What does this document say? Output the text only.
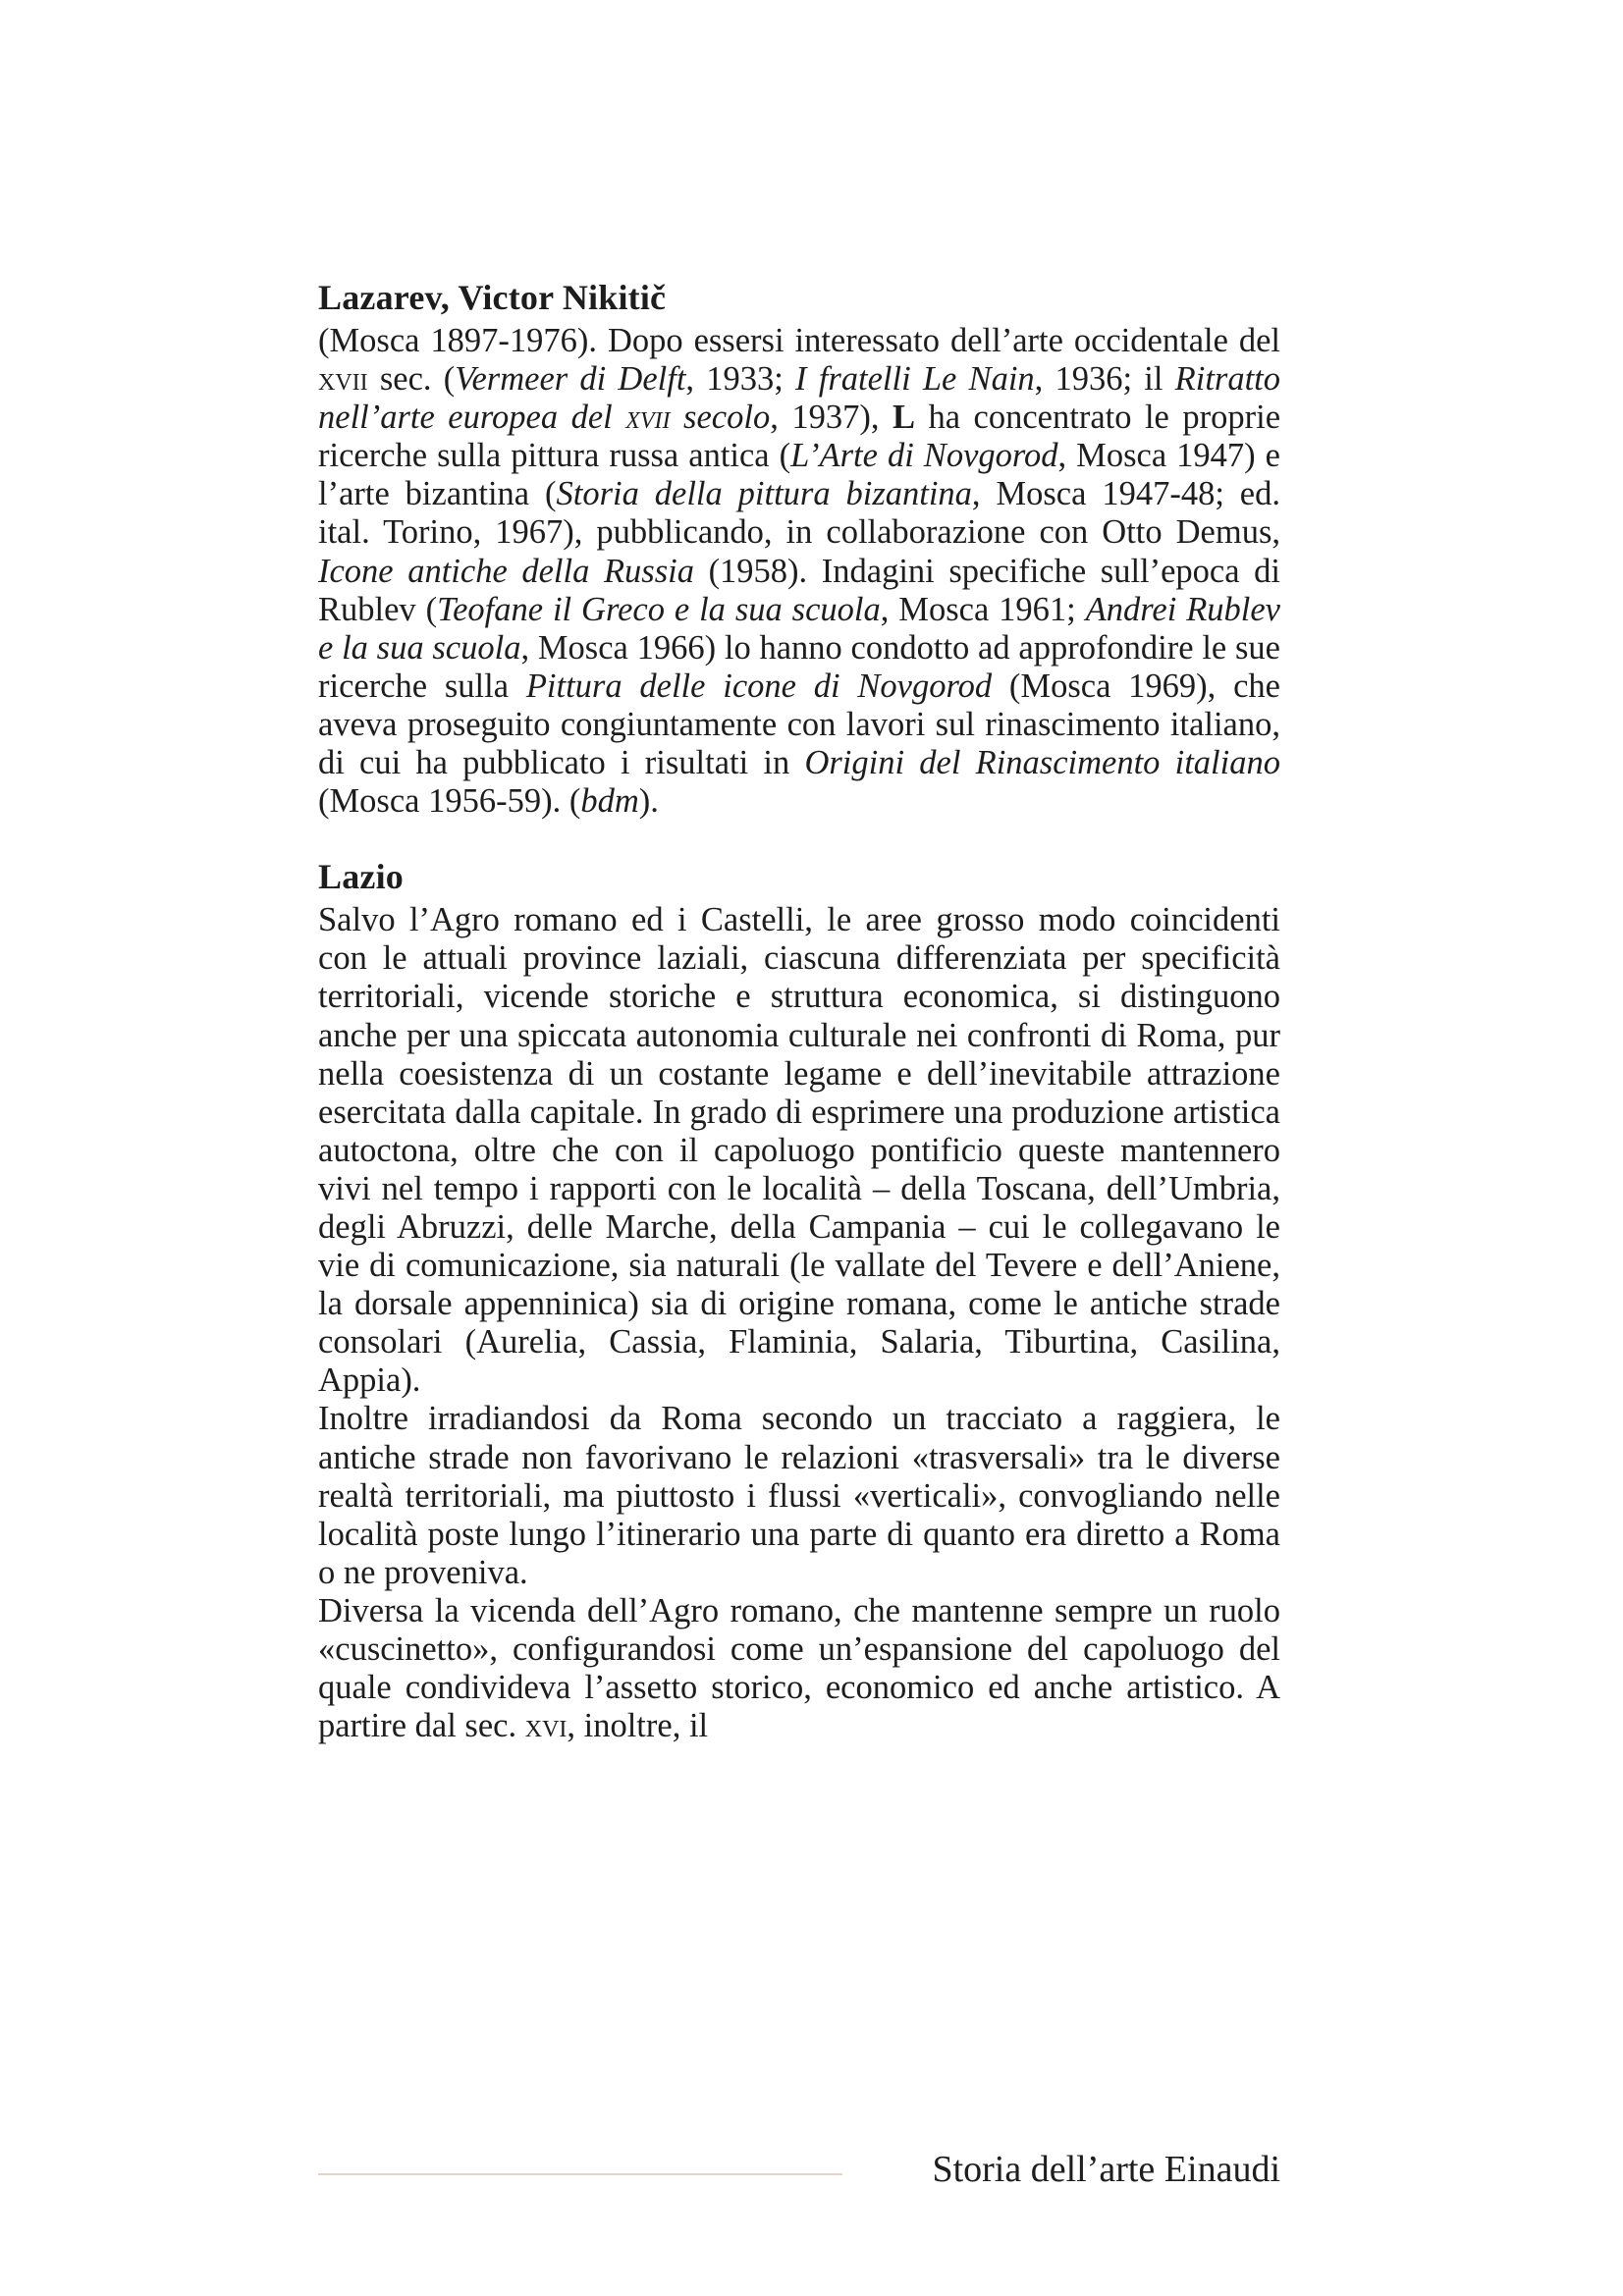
Lazarev, Victor Nikitič

(Mosca 1897-1976). Dopo essersi interessato dell’arte occidentale del xvii sec. (Vermeer di Delft, 1933; I fratelli Le Nain, 1936; il Ritratto nell’arte europea del xvii secolo, 1937), L ha concentrato le proprie ricerche sulla pittura russa antica (L’Arte di Novgorod, Mosca 1947) e l’arte bizantina (Storia della pittura bizantina, Mosca 1947-48; ed. ital. Torino, 1967), pubblicando, in collaborazione con Otto Demus, Icone antiche della Russia (1958). Indagini specifiche sull’epoca di Rublev (Teofane il Greco e la sua scuola, Mosca 1961; Andrei Rublev e la sua scuola, Mosca 1966) lo hanno condotto ad approfondire le sue ricerche sulla Pittura delle icone di Novgorod (Mosca 1969), che aveva proseguito congiuntamente con lavori sul rinascimento italiano, di cui ha pubblicato i risultati in Origini del Rinascimento italiano (Mosca 1956-59). (bdm).

Lazio

Salvo l’Agro romano ed i Castelli, le aree grosso modo coincidenti con le attuali province laziali, ciascuna differenziata per specificità territoriali, vicende storiche e struttura economica, si distinguono anche per una spiccata autonomia culturale nei confronti di Roma, pur nella coesistenza di un costante legame e dell’inevitabile attrazione esercitata dalla capitale. In grado di esprimere una produzione artistica autoctona, oltre che con il capoluogo pontificio queste mantennero vivi nel tempo i rapporti con le località – della Toscana, dell’Umbria, degli Abruzzi, delle Marche, della Campania – cui le collegavano le vie di comunicazione, sia naturali (le vallate del Tevere e dell’Aniene, la dorsale appenninica) sia di origine romana, come le antiche strade consolari (Aurelia, Cassia, Flaminia, Salaria, Tiburtina, Casilina, Appia).

Inoltre irradiandosi da Roma secondo un tracciato a raggiera, le antiche strade non favorivano le relazioni «trasversali» tra le diverse realtà territoriali, ma piuttosto i flussi «verticali», convogliando nelle località poste lungo l’itinerario una parte di quanto era diretto a Roma o ne proveniva.

Diversa la vicenda dell’Agro romano, che mantenne sempre un ruolo «cuscinetto», configurandosi come un’espansione del capoluogo del quale condivideva l’assetto storico, economico ed anche artistico. A partire dal sec. xvi, inoltre, il

Storia dell’arte Einaudi
